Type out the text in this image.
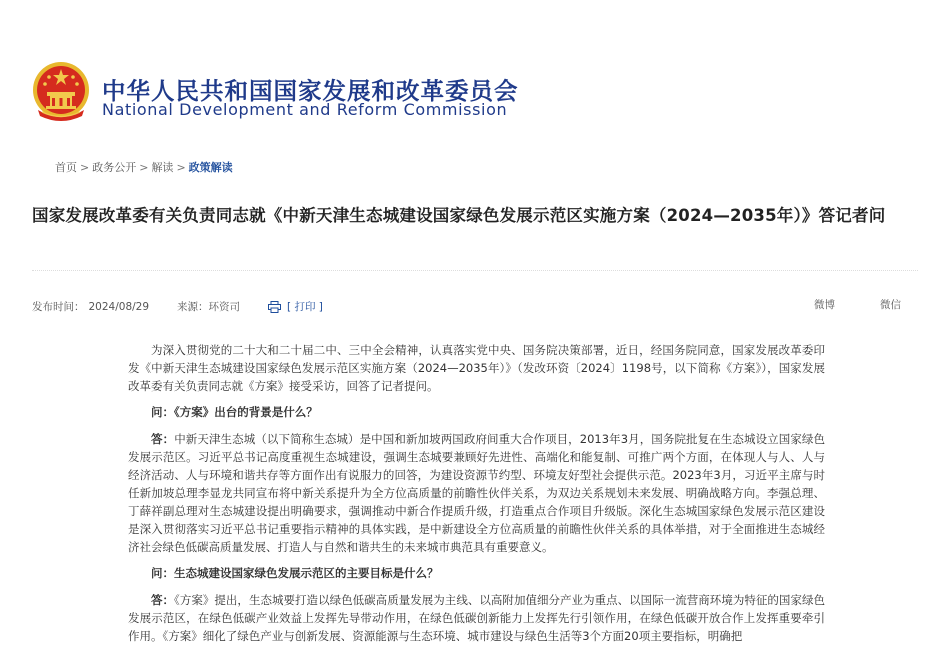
中华人民共和国国家发展和改革委员会
National Development and Reform Commission
首页 > 政务公开 > 解读 > 政策解读
国家发展改革委有关负责同志就《中新天津生态城建设国家绿色发展示范区实施方案（2024—2035年）》答记者问
发布时间： 2024/08/29	来源： 环资司	[ 打印 ]	微博	微信

为深入贯彻党的二十大和二十届二中、三中全会精神，认真落实党中央、国务院决策部署，近日，经国务院同意，国家发展改革委印发《中新天津生态城建设国家绿色发展示范区实施方案（2024—2035年）》（发改环资〔2024〕1198号，以下简称《方案》），国家发展改革委有关负责同志就《方案》接受采访，回答了记者提问。

问：《方案》出台的背景是什么？

答：中新天津生态城（以下简称生态城）是中国和新加坡两国政府间重大合作项目，2013年3月，国务院批复在生态城设立国家绿色发展示范区。习近平总书记高度重视生态城建设，强调生态城要兼顾好先进性、高端化和能复制、可推广两个方面，在体现人与人、人与经济活动、人与环境和谐共存等方面作出有说服力的回答，为建设资源节约型、环境友好型社会提供示范。2023年3月，习近平主席与时任新加坡总理李显龙共同宣布将中新关系提升为全方位高质量的前瞻性伙伴关系，为双边关系规划未来发展、明确战略方向。李强总理、丁薛祥副总理对生态城建设提出明确要求，强调推动中新合作提质升级，打造重点合作项目升级版。深化生态城国家绿色发展示范区建设是深入贯彻落实习近平总书记重要指示精神的具体实践，是中新建设全方位高质量的前瞻性伙伴关系的具体举措，对于全面推进生态城经济社会绿色低碳高质量发展、打造人与自然和谐共生的未来城市典范具有重要意义。

问：生态城建设国家绿色发展示范区的主要目标是什么？

答：《方案》提出，生态城要打造以绿色低碳高质量发展为主线、以高附加值细分产业为重点、以国际一流营商环境为特征的国家绿色发展示范区，在绿色低碳产业效益上发挥先导带动作用，在绿色低碳创新能力上发挥先行引领作用，在绿色低碳开放合作上发挥重要牵引作用。《方案》细化了绿色产业与创新发展、资源能源与生态环境、城市建设与绿色生活等3个方面20项主要指标，明确把
